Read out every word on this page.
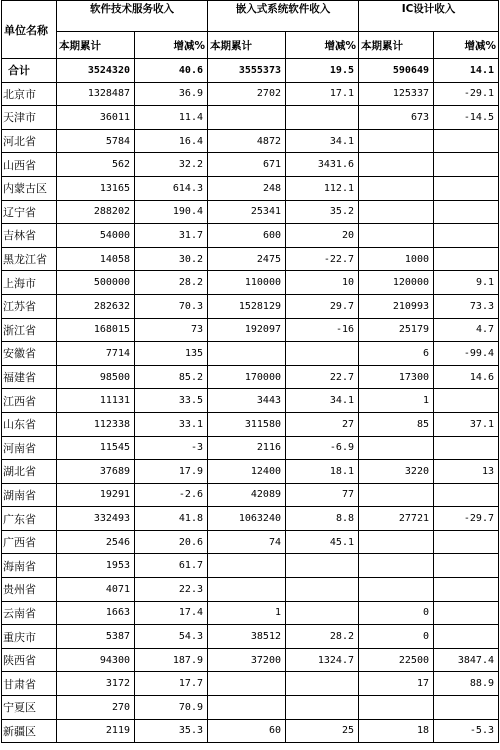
单位名称	软件技术服务收入		嵌入式系统软件收入		IC设计收入	
	本期累计	增减%	本期累计	增减%	本期累计	增减%
合计	3524320	40.6	3555373	19.5	590649	14.1
北京市	1328487	36.9	2702	17.1	125337	-29.1
天津市	36011	11.4			673	-14.5
河北省	5784	16.4	4872	34.1		
山西省	562	32.2	671	3431.6		
内蒙古区	13165	614.3	248	112.1		
辽宁省	288202	190.4	25341	35.2		
吉林省	54000	31.7	600	20		
黑龙江省	14058	30.2	2475	-22.7	1000	
上海市	500000	28.2	110000	10	120000	9.1
江苏省	282632	70.3	1528129	29.7	210993	73.3
浙江省	168015	73	192097	-16	25179	4.7
安徽省	7714	135			6	-99.4
福建省	98500	85.2	170000	22.7	17300	14.6
江西省	11131	33.5	3443	34.1	1	
山东省	112338	33.1	311580	27	85	37.1
河南省	11545	-3	2116	-6.9		
湖北省	37689	17.9	12400	18.1	3220	13
湖南省	19291	-2.6	42089	77		
广东省	332493	41.8	1063240	8.8	27721	-29.7
广西省	2546	20.6	74	45.1		
海南省	1953	61.7				
贵州省	4071	22.3				
云南省	1663	17.4	1		0	
重庆市	5387	54.3	38512	28.2	0	
陕西省	94300	187.9	37200	1324.7	22500	3847.4
甘肃省	3172	17.7			17	88.9
宁夏区	270	70.9				
新疆区	2119	35.3	60	25	18	-5.3
